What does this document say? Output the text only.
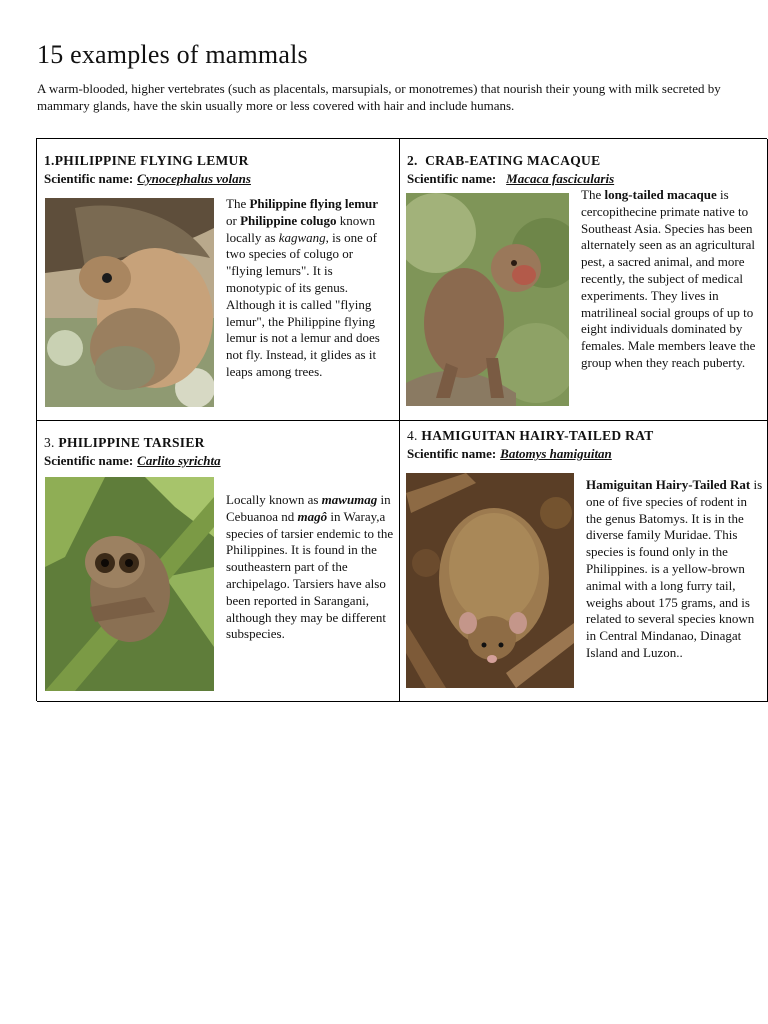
15 examples of mammals

A warm-blooded, higher vertebrates (such as placentals, marsupials, or monotremes) that nourish their young with milk secreted by mammary glands, have the skin usually more or less covered with hair and include humans.

1.PHILIPPINE FLYING LEMUR
Scientific name: Cynocephalus volans

The Philippine flying lemur or Philippine colugo known locally as kagwang, is one of two species of colugo or "flying lemurs". It is monotypic of its genus. Although it is called "flying lemur", the Philippine flying lemur is not a lemur and does not fly. Instead, it glides as it leaps among trees.

2.  CRAB-EATING MACAQUE
Scientific name: Macaca fascicularis

The long-tailed macaque is cercopithecine primate native to Southeast Asia. Species has been alternately seen as an agricultural pest, a sacred animal, and more recently, the subject of medical experiments. They lives in matrilineal social groups of up to eight individuals dominated by females. Male members leave the group when they reach puberty.

3. PHILIPPINE TARSIER
Scientific name: Carlito syrichta

Locally known as mawumag in Cebuanoa nd magô in Waray,a species of tarsier endemic to the Philippines. It is found in the southeastern part of the archipelago. Tarsiers have also been reported in Sarangani, although they may be different subspecies.

4. HAMIGUITAN HAIRY-TAILED RAT
Scientific name: Batomys hamiguitan

Hamiguitan Hairy-Tailed Rat is one of five species of rodent in the genus Batomys. It is in the diverse family Muridae. This species is found only in the Philippines. is a yellow-brown animal with a long furry tail, weighs about 175 grams, and is related to several species known in Central Mindanao, Dinagat Island and Luzon..
